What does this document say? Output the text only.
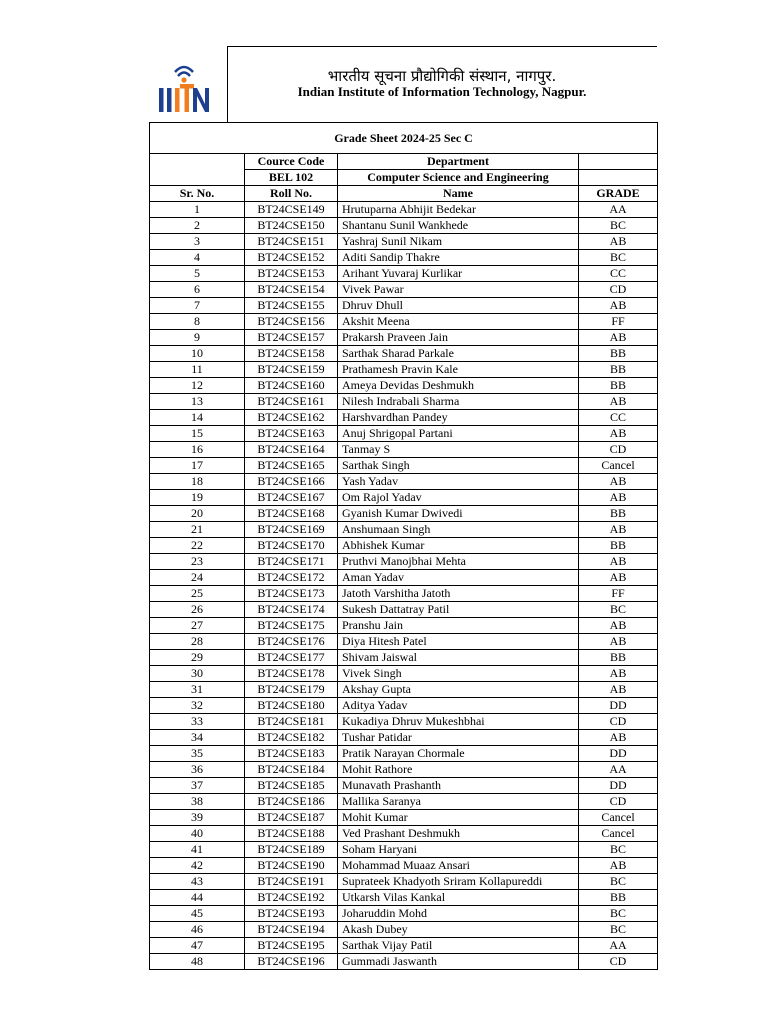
भारतीय सूचना प्रौद्योगिकी संस्थान, नागपुर.
Indian Institute of Information Technology, Nagpur.
Grade Sheet 2024-25 Sec C			
	Cource Code	Department	
	BEL 102	Computer Science and Engineering	
Sr. No.	Roll No.	Name	GRADE
1	BT24CSE149	Hrutuparna Abhijit Bedekar	AA
2	BT24CSE150	Shantanu Sunil Wankhede	BC
3	BT24CSE151	Yashraj Sunil Nikam	AB
4	BT24CSE152	Aditi Sandip Thakre	BC
5	BT24CSE153	Arihant Yuvaraj Kurlikar	CC
6	BT24CSE154	Vivek Pawar	CD
7	BT24CSE155	Dhruv Dhull	AB
8	BT24CSE156	Akshit Meena	FF
9	BT24CSE157	Prakarsh Praveen Jain	AB
10	BT24CSE158	Sarthak Sharad Parkale	BB
11	BT24CSE159	Prathamesh Pravin Kale	BB
12	BT24CSE160	Ameya Devidas Deshmukh	BB
13	BT24CSE161	Nilesh Indrabali Sharma	AB
14	BT24CSE162	Harshvardhan Pandey	CC
15	BT24CSE163	Anuj Shrigopal Partani	AB
16	BT24CSE164	Tanmay S	CD
17	BT24CSE165	Sarthak Singh	Cancel
18	BT24CSE166	Yash Yadav	AB
19	BT24CSE167	Om Rajol Yadav	AB
20	BT24CSE168	Gyanish Kumar Dwivedi	BB
21	BT24CSE169	Anshumaan Singh	AB
22	BT24CSE170	Abhishek Kumar	BB
23	BT24CSE171	Pruthvi Manojbhai Mehta	AB
24	BT24CSE172	Aman Yadav	AB
25	BT24CSE173	Jatoth Varshitha Jatoth	FF
26	BT24CSE174	Sukesh Dattatray Patil	BC
27	BT24CSE175	Pranshu Jain	AB
28	BT24CSE176	Diya Hitesh Patel	AB
29	BT24CSE177	Shivam Jaiswal	BB
30	BT24CSE178	Vivek Singh	AB
31	BT24CSE179	Akshay Gupta	AB
32	BT24CSE180	Aditya Yadav	DD
33	BT24CSE181	Kukadiya Dhruv Mukeshbhai	CD
34	BT24CSE182	Tushar Patidar	AB
35	BT24CSE183	Pratik Narayan Chormale	DD
36	BT24CSE184	Mohit Rathore	AA
37	BT24CSE185	Munavath Prashanth	DD
38	BT24CSE186	Mallika Saranya	CD
39	BT24CSE187	Mohit Kumar	Cancel
40	BT24CSE188	Ved Prashant Deshmukh	Cancel
41	BT24CSE189	Soham Haryani	BC
42	BT24CSE190	Mohammad Muaaz Ansari	AB
43	BT24CSE191	Suprateek Khadyoth Sriram Kollapureddi	BC
44	BT24CSE192	Utkarsh Vilas Kankal	BB
45	BT24CSE193	Joharuddin Mohd	BC
46	BT24CSE194	Akash Dubey	BC
47	BT24CSE195	Sarthak Vijay Patil	AA
48	BT24CSE196	Gummadi Jaswanth	CD
